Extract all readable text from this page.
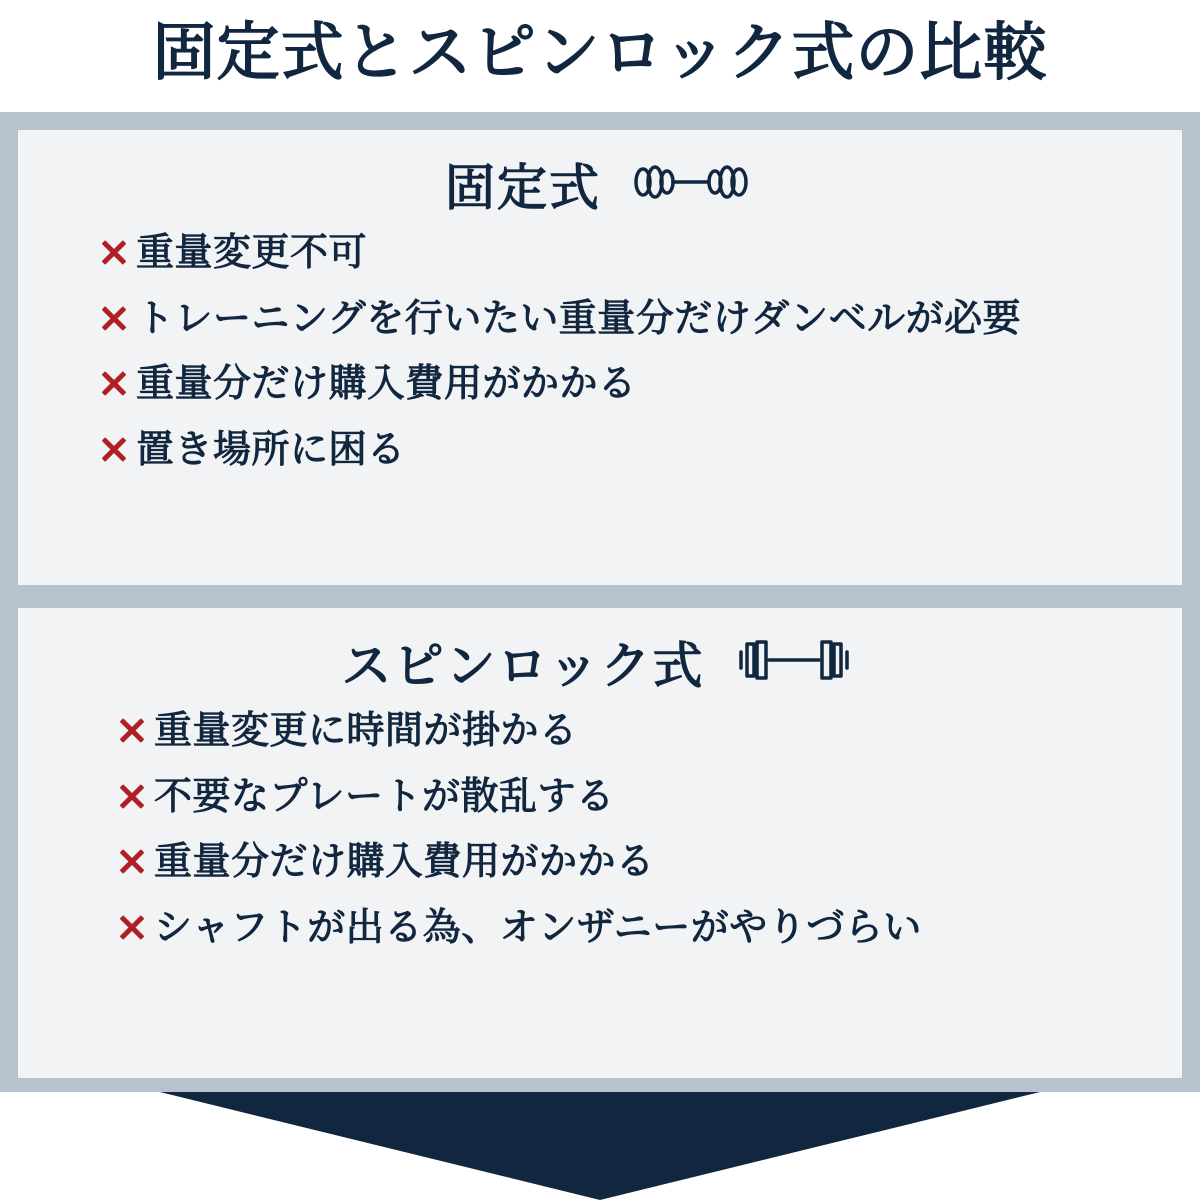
固定式とスピンロック式の比較
固定式
重量変更不可
トレーニングを行いたい重量分だけダンベルが必要
重量分だけ購入費用がかかる
置き場所に困る
スピンロック式
重量変更に時間が掛かる
不要なプレートが散乱する
重量分だけ購入費用がかかる
シャフトが出る為、オンザニーがやりづらい
